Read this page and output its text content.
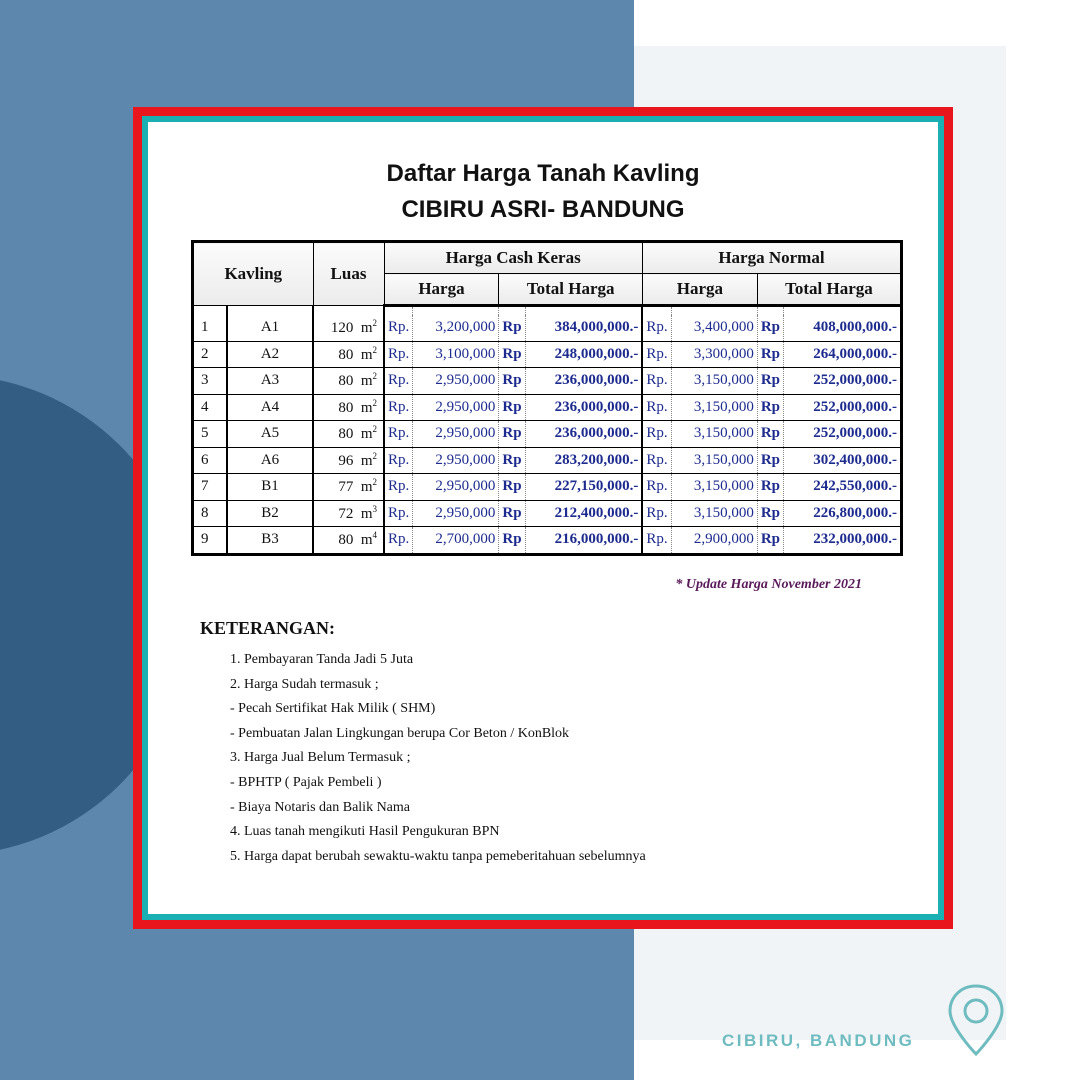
Daftar Harga Tanah Kavling
CIBIRU ASRI- BANDUNG
Kavling		Luas	Harga Cash Keras				Harga Normal			
			Harga		Total Harga		Harga		Total Harga	

1	A1	120 $m^2$	Rp.	3,200,000	Rp	384,000,000.-	Rp.	3,400,000	Rp	408,000,000.-
2	A2	80 $m^2$	Rp.	3,100,000	Rp	248,000,000.-	Rp.	3,300,000	Rp	264,000,000.-
3	A3	80 $m^2$	Rp.	2,950,000	Rp	236,000,000.-	Rp.	3,150,000	Rp	252,000,000.-
4	A4	80 $m^2$	Rp.	2,950,000	Rp	236,000,000.-	Rp.	3,150,000	Rp	252,000,000.-
5	A5	80 $m^2$	Rp.	2,950,000	Rp	236,000,000.-	Rp.	3,150,000	Rp	252,000,000.-
6	A6	96 $m^2$	Rp.	2,950,000	Rp	283,200,000.-	Rp.	3,150,000	Rp	302,400,000.-
7	B1	77 $m^2$	Rp.	2,950,000	Rp	227,150,000.-	Rp.	3,150,000	Rp	242,550,000.-
8	B2	72 $m^3$	Rp.	2,950,000	Rp	212,400,000.-	Rp.	3,150,000	Rp	226,800,000.-
9	B3	80 $m^4$	Rp.	2,700,000	Rp	216,000,000.-	Rp.	2,900,000	Rp	232,000,000.-
* Update Harga November 2021
KETERANGAN:
1. Pembayaran Tanda Jadi 5 Juta
2. Harga Sudah termasuk ;
- Pecah Sertifikat Hak Milik ( SHM)
- Pembuatan Jalan Lingkungan berupa Cor Beton / KonBlok
3. Harga Jual Belum Termasuk ;
- BPHTP ( Pajak Pembeli )
- Biaya Notaris dan Balik Nama
4. Luas tanah mengikuti Hasil Pengukuran BPN
5. Harga dapat berubah sewaktu-waktu tanpa pemeberitahuan sebelumnya
CIBIRU, BANDUNG
